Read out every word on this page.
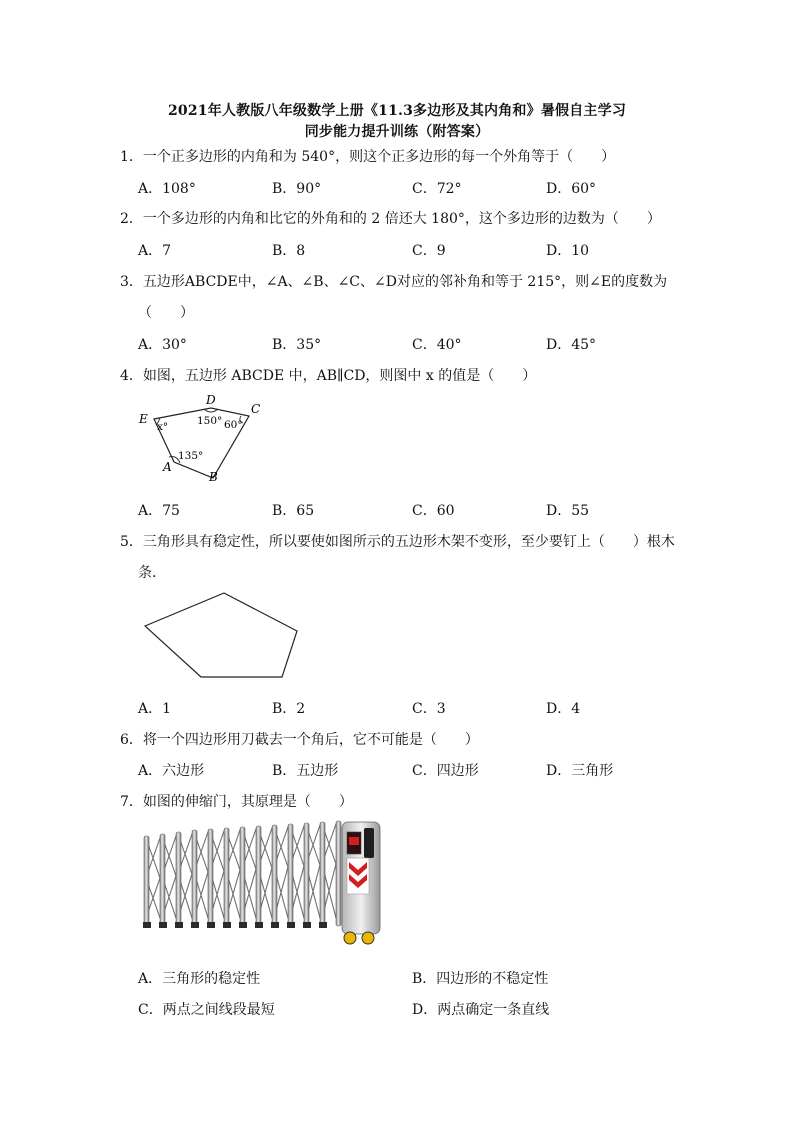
2021年人教版八年级数学上册《11.3多边形及其内角和》暑假自主学习
同步能力提升训练（附答案）
1．一个正多边形的内角和为 540°，则这个正多边形的每一个外角等于（　　）
A．108°	B．90°	C．72°	D．60°
2．一个多边形的内角和比它的外角和的 2 倍还大 180°，这个多边形的边数为（　　）
A．7	B．8	C．9	D．10
3．五边形ABCDE中，∠A、∠B、∠C、∠D对应的邻补角和等于 215°，则∠E的度数为
（　　）
A．30°	B．35°	C．40°	D．45°
4．如图，五边形 ABCDE 中，AB∥CD，则图中 x 的值是（　　）
E
D
C
A
B
x°	150° 60°
135°
A．75	B．65	C．60	D．55
5．三角形具有稳定性，所以要使如图所示的五边形木架不变形，至少要钉上（　　）根木
条．
A．1	B．2	C．3	D．4
6．将一个四边形用刀截去一个角后，它不可能是（　　）
A．六边形	B．五边形	C．四边形	D．三角形
7．如图的伸缩门，其原理是（　　）
A．三角形的稳定性	B．四边形的不稳定性
C．两点之间线段最短	D．两点确定一条直线
